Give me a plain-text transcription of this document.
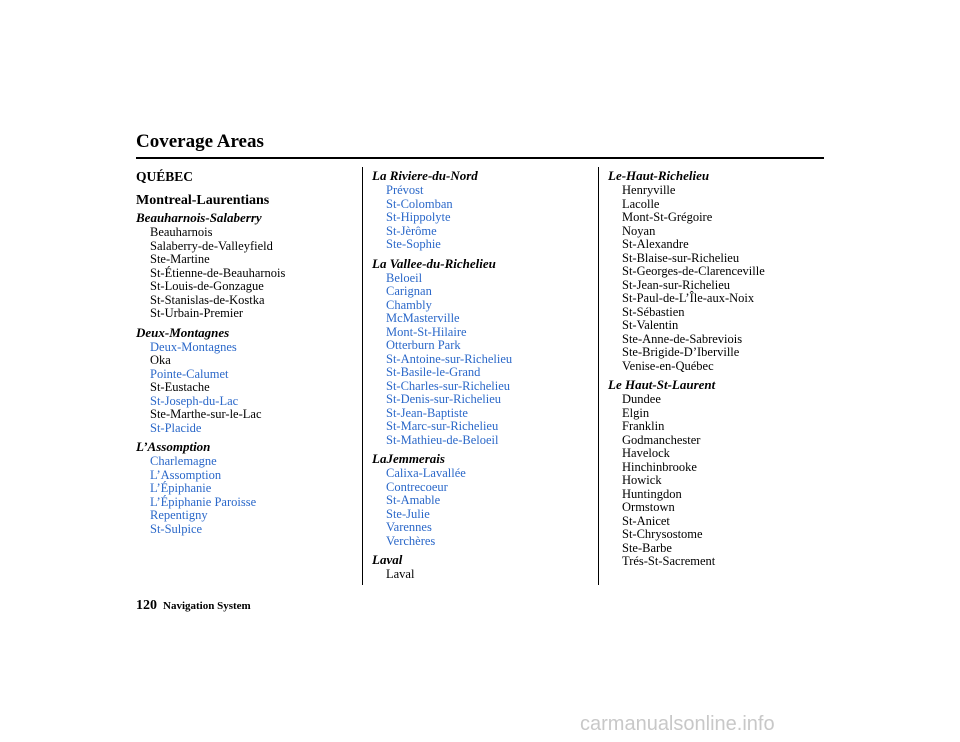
Coverage Areas
QUÉBEC
Montreal-Laurentians
Beauharnois-Salaberry
Beauharnois
Salaberry-de-Valleyfield
Ste-Martine
St-Étienne-de-Beauharnois
St-Louis-de-Gonzague
St-Stanislas-de-Kostka
St-Urbain-Premier
Deux-Montagnes
Deux-Montagnes
Oka
Pointe-Calumet
St-Eustache
St-Joseph-du-Lac
Ste-Marthe-sur-le-Lac
St-Placide
L’Assomption
Charlemagne
L’Assomption
L’Épiphanie
L’Épiphanie Paroisse
Repentigny
St-Sulpice
La Riviere-du-Nord
Prévost
St-Colomban
St-Hippolyte
St-Jèrôme
Ste-Sophie
La Vallee-du-Richelieu
Beloeil
Carignan
Chambly
McMasterville
Mont-St-Hilaire
Otterburn Park
St-Antoine-sur-Richelieu
St-Basile-le-Grand
St-Charles-sur-Richelieu
St-Denis-sur-Richelieu
St-Jean-Baptiste
St-Marc-sur-Richelieu
St-Mathieu-de-Beloeil
LaJemmerais
Calixa-Lavallée
Contrecoeur
St-Amable
Ste-Julie
Varennes
Verchères
Laval
Laval
Le-Haut-Richelieu
Henryville
Lacolle
Mont-St-Grégoire
Noyan
St-Alexandre
St-Blaise-sur-Richelieu
St-Georges-de-Clarenceville
St-Jean-sur-Richelieu
St-Paul-de-L’Île-aux-Noix
St-Sébastien
St-Valentin
Ste-Anne-de-Sabreviois
Ste-Brigide-D’Iberville
Venise-en-Québec
Le Haut-St-Laurent
Dundee
Elgin
Franklin
Godmanchester
Havelock
Hinchinbrooke
Howick
Huntingdon
Ormstown
St-Anicet
St-Chrysostome
Ste-Barbe
Trés-St-Sacrement
120 Navigation System
carmanualsonline.info
